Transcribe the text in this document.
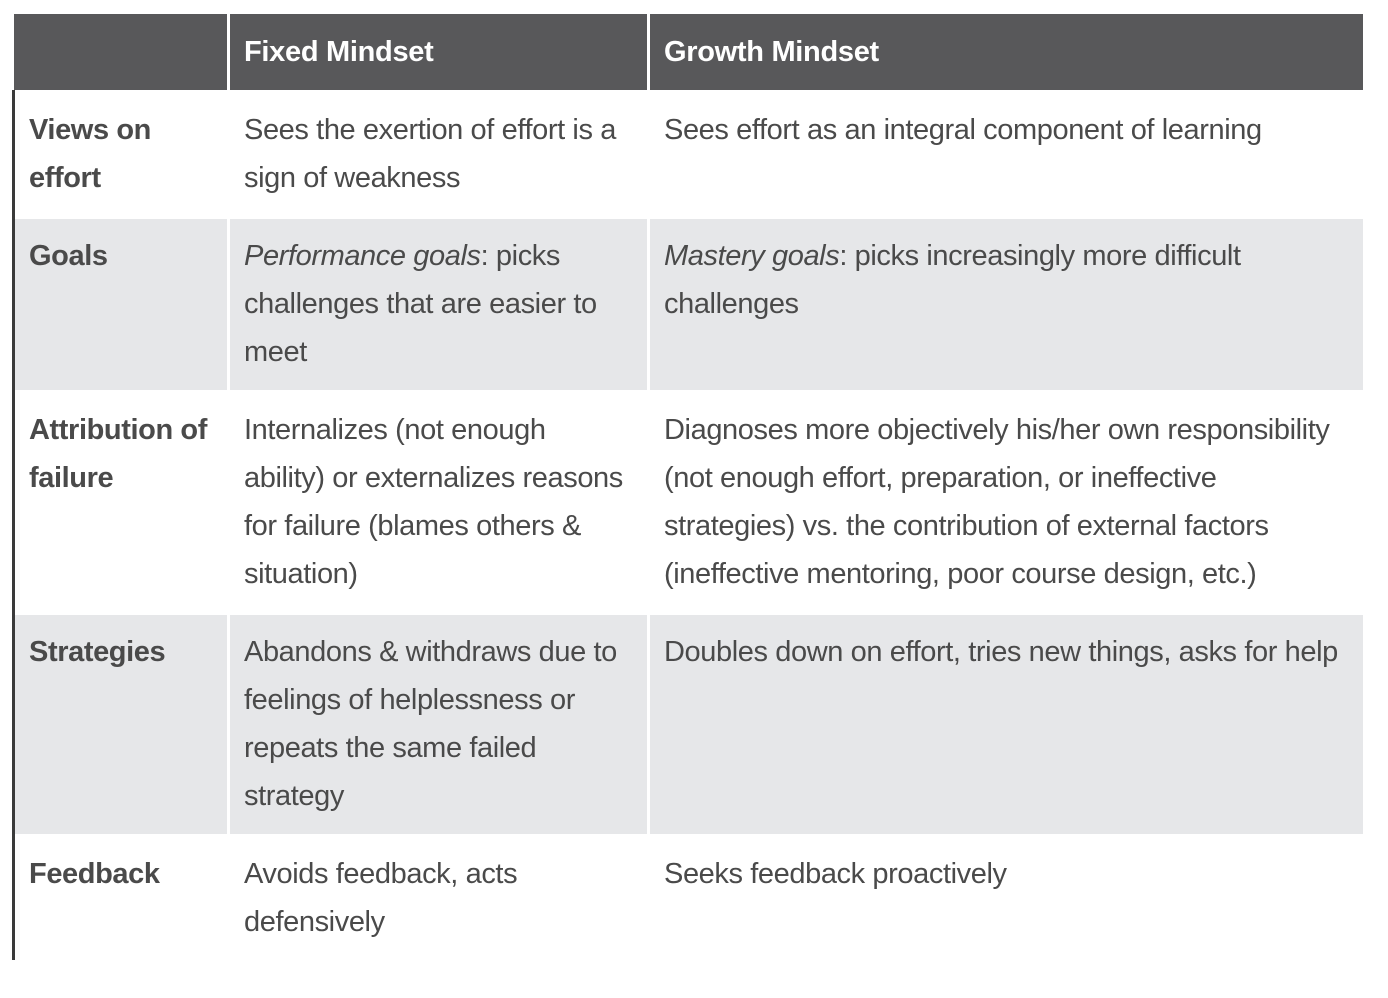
	Fixed Mindset	Growth Mindset
Views on effort	Sees the exertion of effort is a sign of weakness	Sees effort as an integral component of learning
Goals	Performance goals: picks challenges that are easier to meet	Mastery goals: picks increasingly more difficult challenges
Attribution of failure	Internalizes (not enough ability) or externalizes reasons for failure (blames others & situation)	Diagnoses more objectively his/her own responsibility (not enough effort, preparation, or ineffective strategies) vs. the contribution of external factors (ineffective mentoring, poor course design, etc.)
Strategies	Abandons & withdraws due to feelings of helplessness or repeats the same failed strategy	Doubles down on effort, tries new things, asks for help
Feedback	Avoids feedback, acts defensively	Seeks feedback proactively
